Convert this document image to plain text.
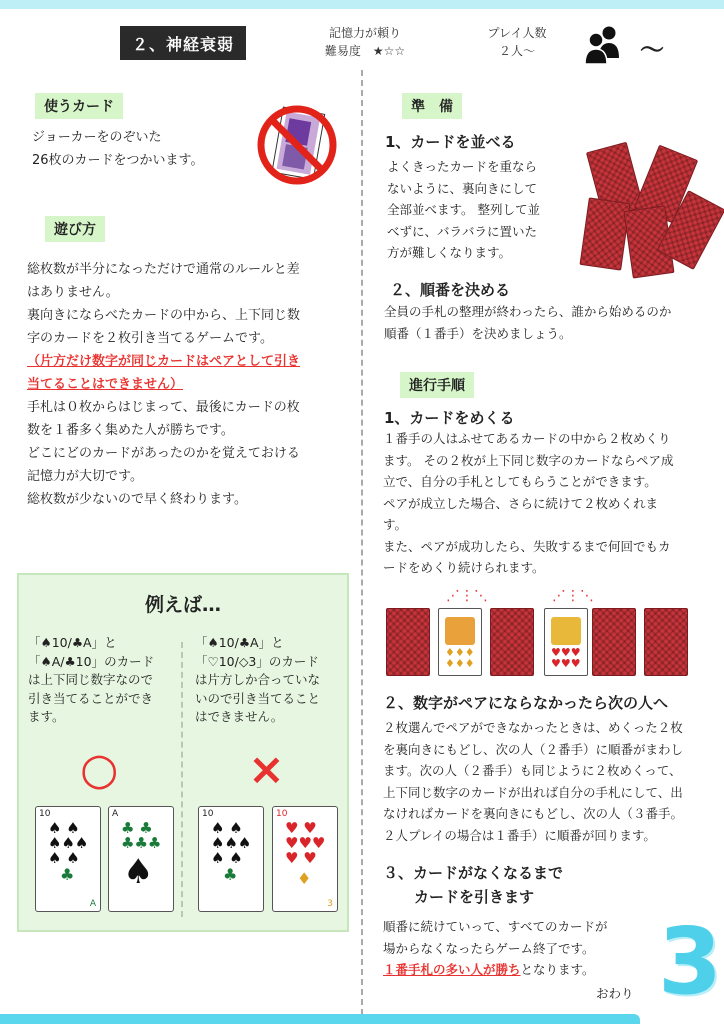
２、神経衰弱
記憶力が頼り
難易度　 ★☆☆
プレイ人数
２人～	～
使うカード
ジョーカーをのぞいた
26枚のカードをつかいます。
遊び方
総枚数が半分になっただけで通常のルールと差
はありません。
裏向きにならべたカードの中から、上下同じ数
字のカードを２枚引き当てるゲームです。
（片方だけ数字が同じカードはペアとして引き
当てることはできません）
手札は０枚からはじまって、最後にカードの枚
数を１番多く集めた人が勝ちです。
どこにどのカードがあったのかを覚えておける
記憶力が大切です。
総枚数が少ないので早く終わります。
例えば…
「♠10/♣A」と
「♠A/♣10」のカード
は上下同じ数字なので
引き当てることができ
ます。
「♠10/♣A」と
「♡10/◇3」のカード
は片方しか合っていな
いので引き当てること
はできません。
○	×
10
♠ ♠
♠♠♠
♠ ♠
♣
A
A
♣ ♣
♣♣♣
♠
10
♠ ♠
♠♠♠
♠ ♠
♣
10
♥ ♥
♥♥♥
♥ ♥
♦
3
準　備
1、カードを並べる
よくきったカードを重なら
ないように、裏向きにして
全部並べます。 整列して並
べずに、バラバラに置いた
方が難しくなります。
２、順番を決める
全員の手札の整理が終わったら、誰から始めるのか
順番（１番手）を決めましょう。
進行手順
1、カードをめくる
１番手の人はふせてあるカードの中から２枚めくり
ます。 その２枚が上下同じ数字のカードならペア成
立で、自分の手札としてもらうことができます。
ペアが成立した場合、さらに続けて２枚めくれま
す。
また、ペアが成功したら、失敗するまで何回でもカ
ードをめくり続けられます。
♦♦♦
♦♦♦
⋰⋮⋱
♥♥♥
♥♥♥
⋰⋮⋱
２、数字がペアにならなかったら次の人へ
２枚選んでペアができなかったときは、めくった２枚
を裏向きにもどし、次の人（２番手）に順番がまわし
ます。次の人（２番手）も同じように２枚めくって、
上下同じ数字のカードが出れば自分の手札にして、出
なければカードを裏向きにもどし、次の人（３番手。
２人プレイの場合は１番手）に順番が回ります。
３、カードがなくなるまで
カードを引きます
順番に続けていって、すべてのカードが
場からなくなったらゲーム終了です。
１番手札の多い人が勝ちとなります。
おわり 3
